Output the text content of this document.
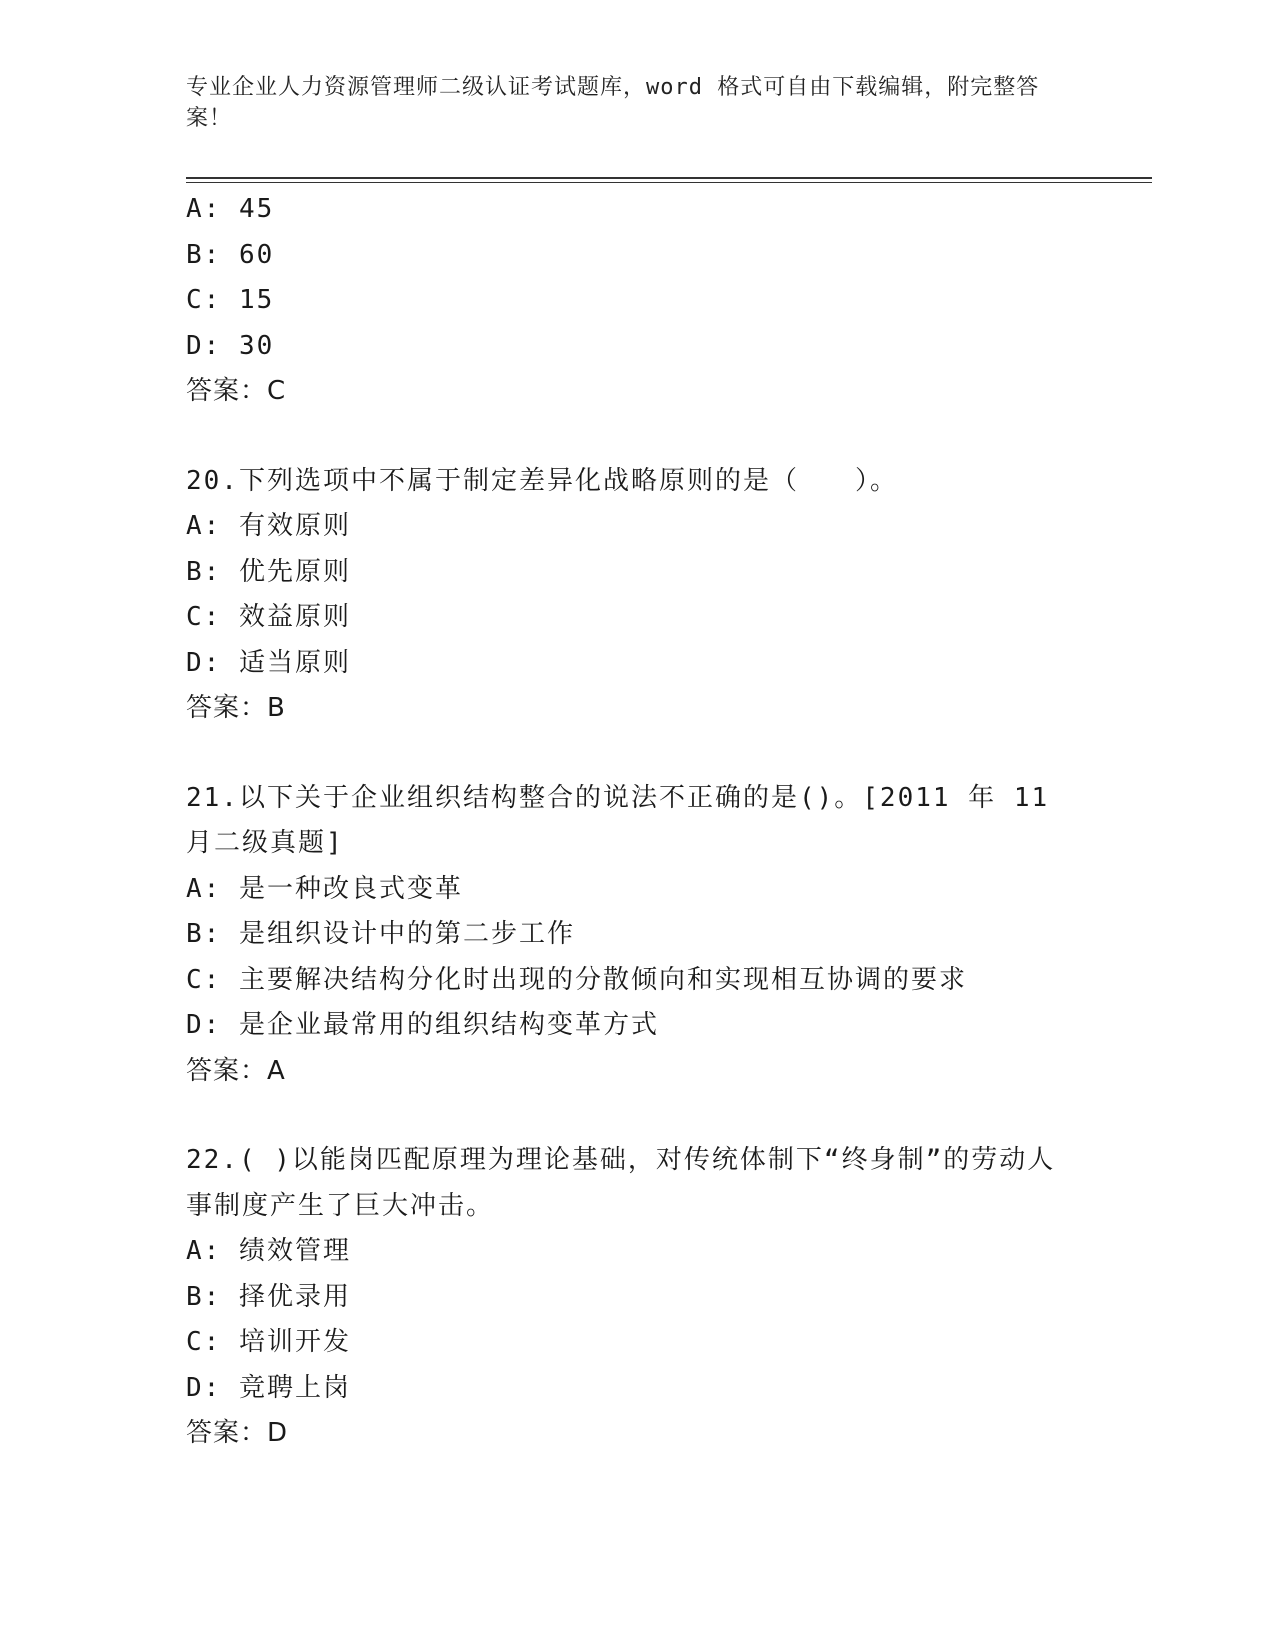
专业企业人力资源管理师二级认证考试题库，word 格式可自由下载编辑，附完整答案！
A: 45
B: 60
C: 15
D: 30
答案：C
20.下列选项中不属于制定差异化战略原则的是（　　）。
A: 有效原则
B: 优先原则
C: 效益原则
D: 适当原则
答案：B
21.以下关于企业组织结构整合的说法不正确的是()。[2011 年 11 月二级真题]
A: 是一种改良式变革
B: 是组织设计中的第二步工作
C: 主要解决结构分化时出现的分散倾向和实现相互协调的要求
D: 是企业最常用的组织结构变革方式
答案：A
22.( )以能岗匹配原理为理论基础，对传统体制下“终身制”的劳动人事制度产生了巨大冲击。
A: 绩效管理
B: 择优录用
C: 培训开发
D: 竞聘上岗
答案：D
